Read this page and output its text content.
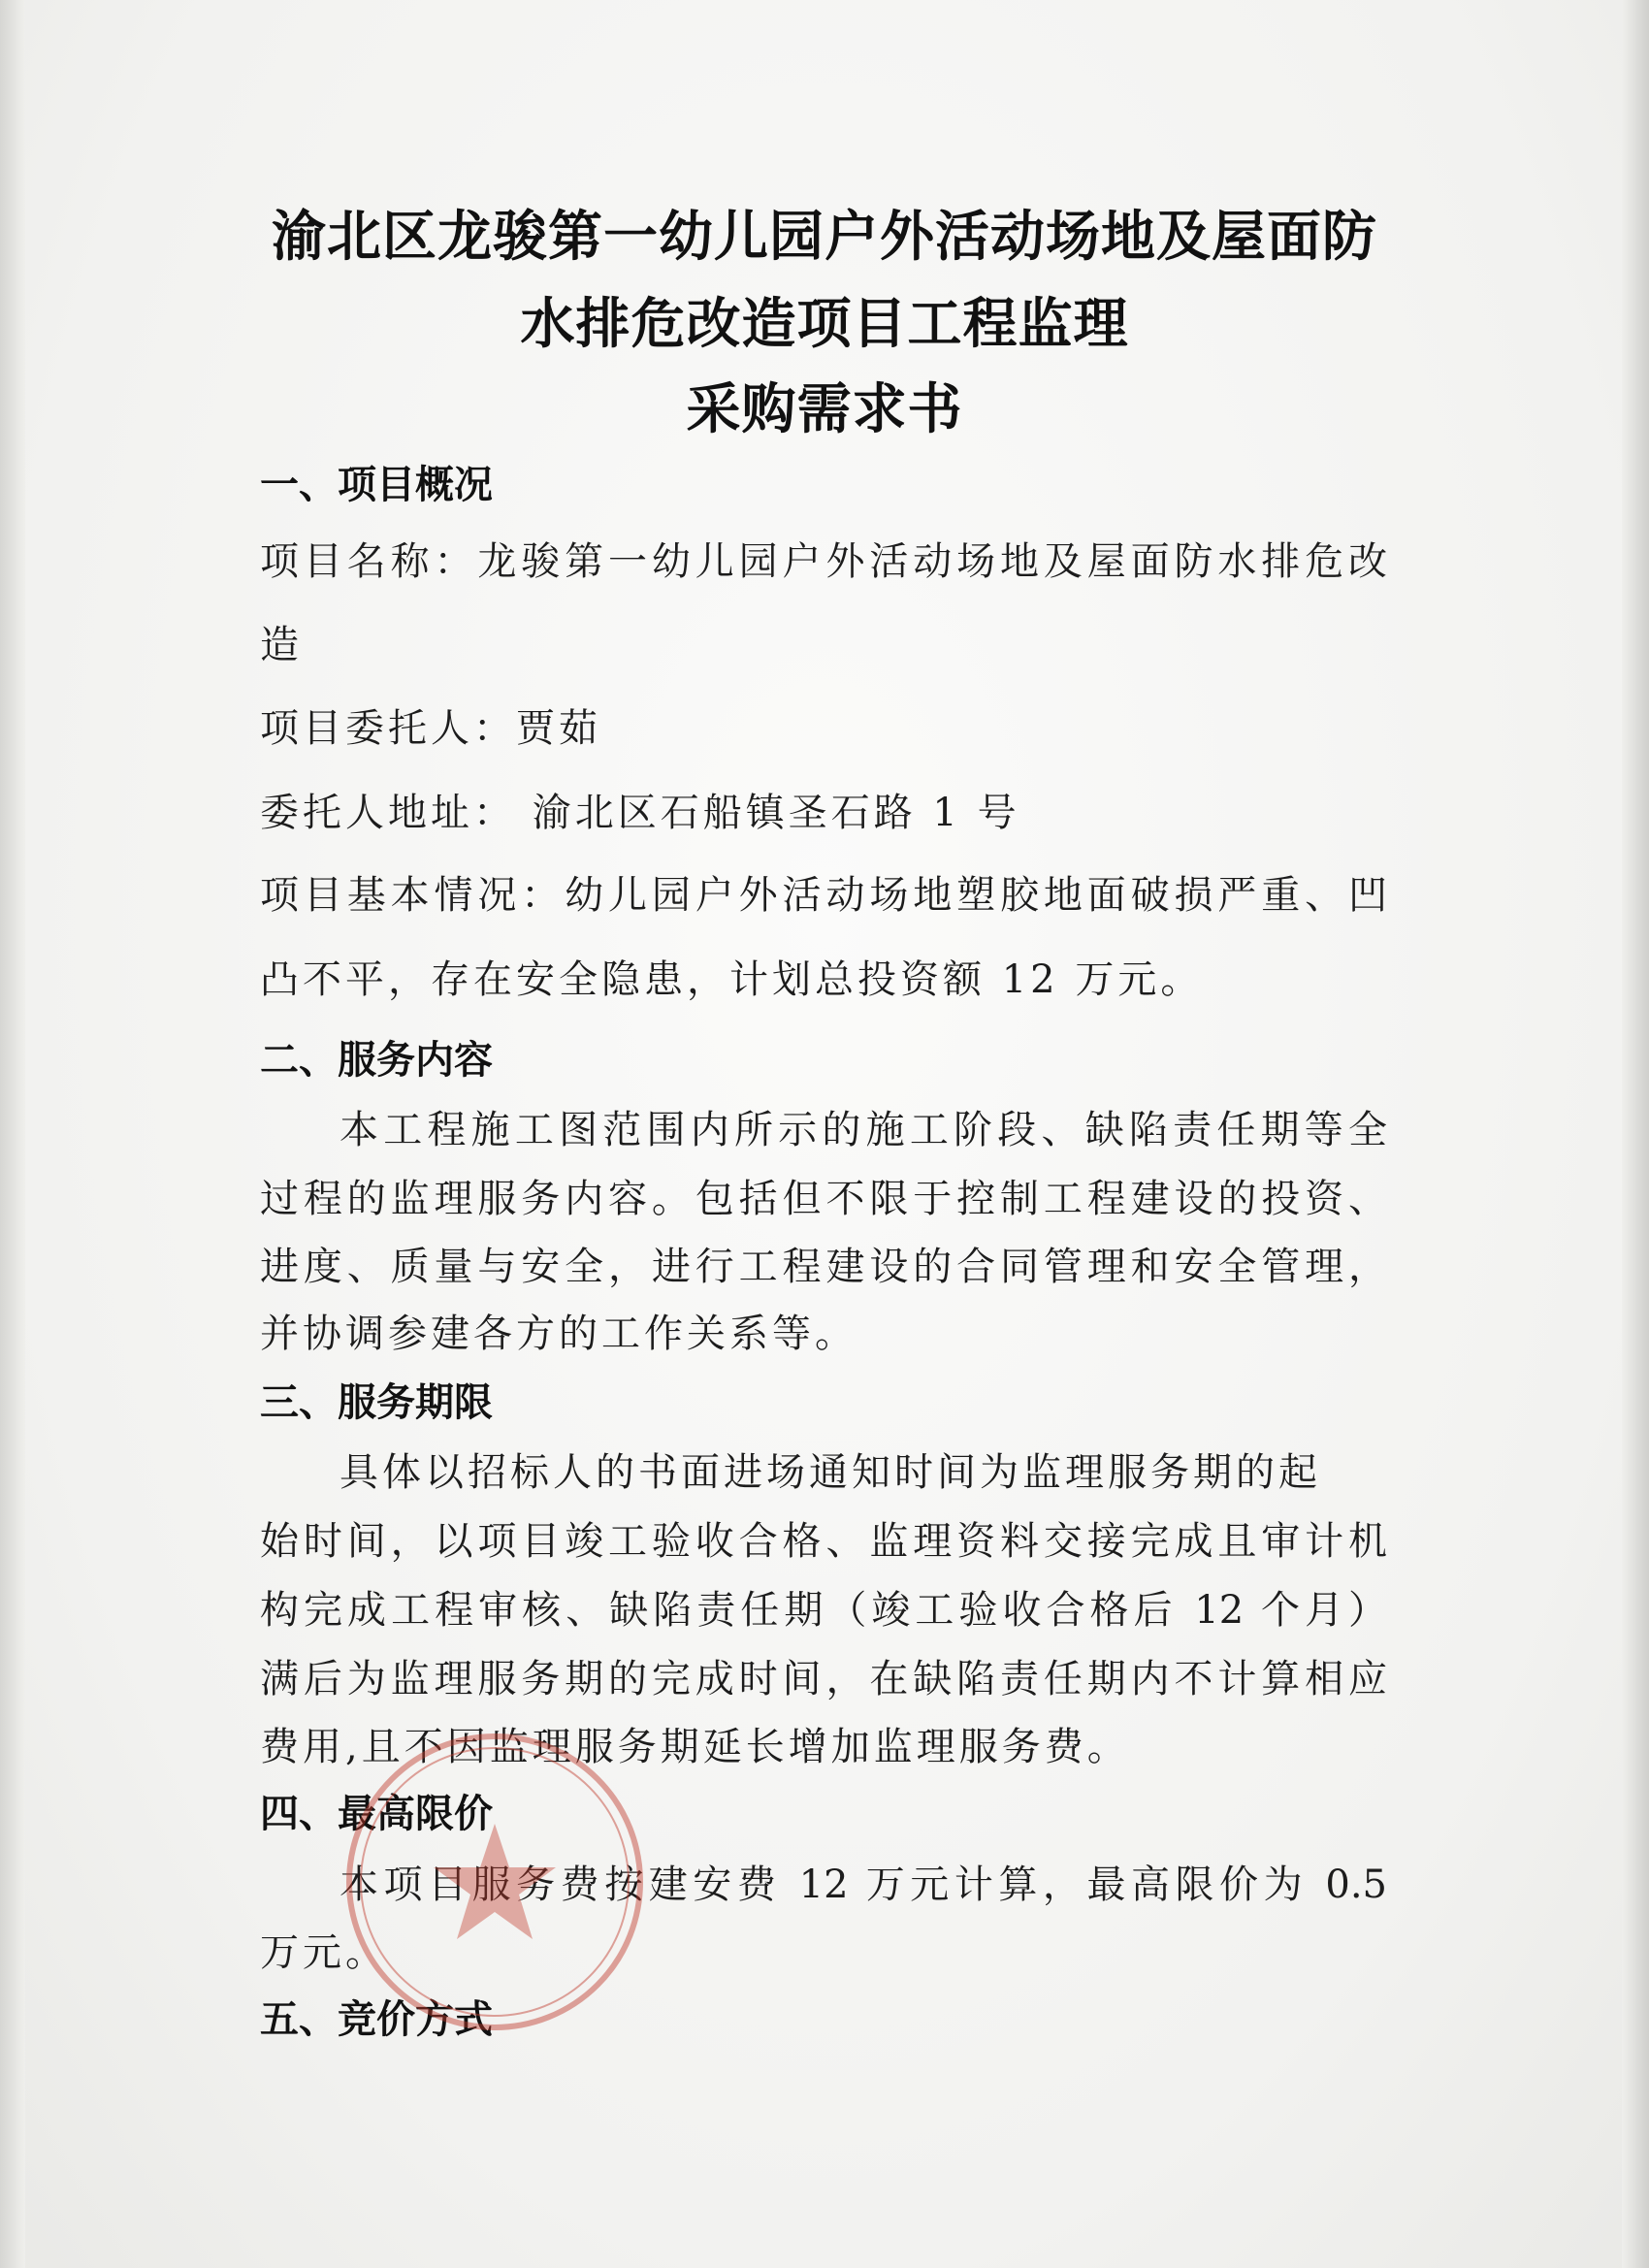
渝北区龙骏第一幼儿园户外活动场地及屋面防
水排危改造项目工程监理
采购需求书
一、项目概况
项目名称：龙骏第一幼儿园户外活动场地及屋面防水排危改
造
项目委托人：贾茹
委托人地址： 渝北区石船镇圣石路 1 号
项目基本情况：幼儿园户外活动场地塑胶地面破损严重、凹
凸不平，存在安全隐患，计划总投资额 12 万元。
二、服务内容
本工程施工图范围内所示的施工阶段、缺陷责任期等全
过程的监理服务内容。包括但不限于控制工程建设的投资、
进度、质量与安全，进行工程建设的合同管理和安全管理，
并协调参建各方的工作关系等。
三、服务期限
具体以招标人的书面进场通知时间为监理服务期的起
始时间，以项目竣工验收合格、监理资料交接完成且审计机
构完成工程审核、缺陷责任期（竣工验收合格后 12 个月）
满后为监理服务期的完成时间，在缺陷责任期内不计算相应
费用,且不因监理服务期延长增加监理服务费。
四、最高限价
本项目服务费按建安费 12 万元计算，最高限价为 0.5
万元。
五、竞价方式
